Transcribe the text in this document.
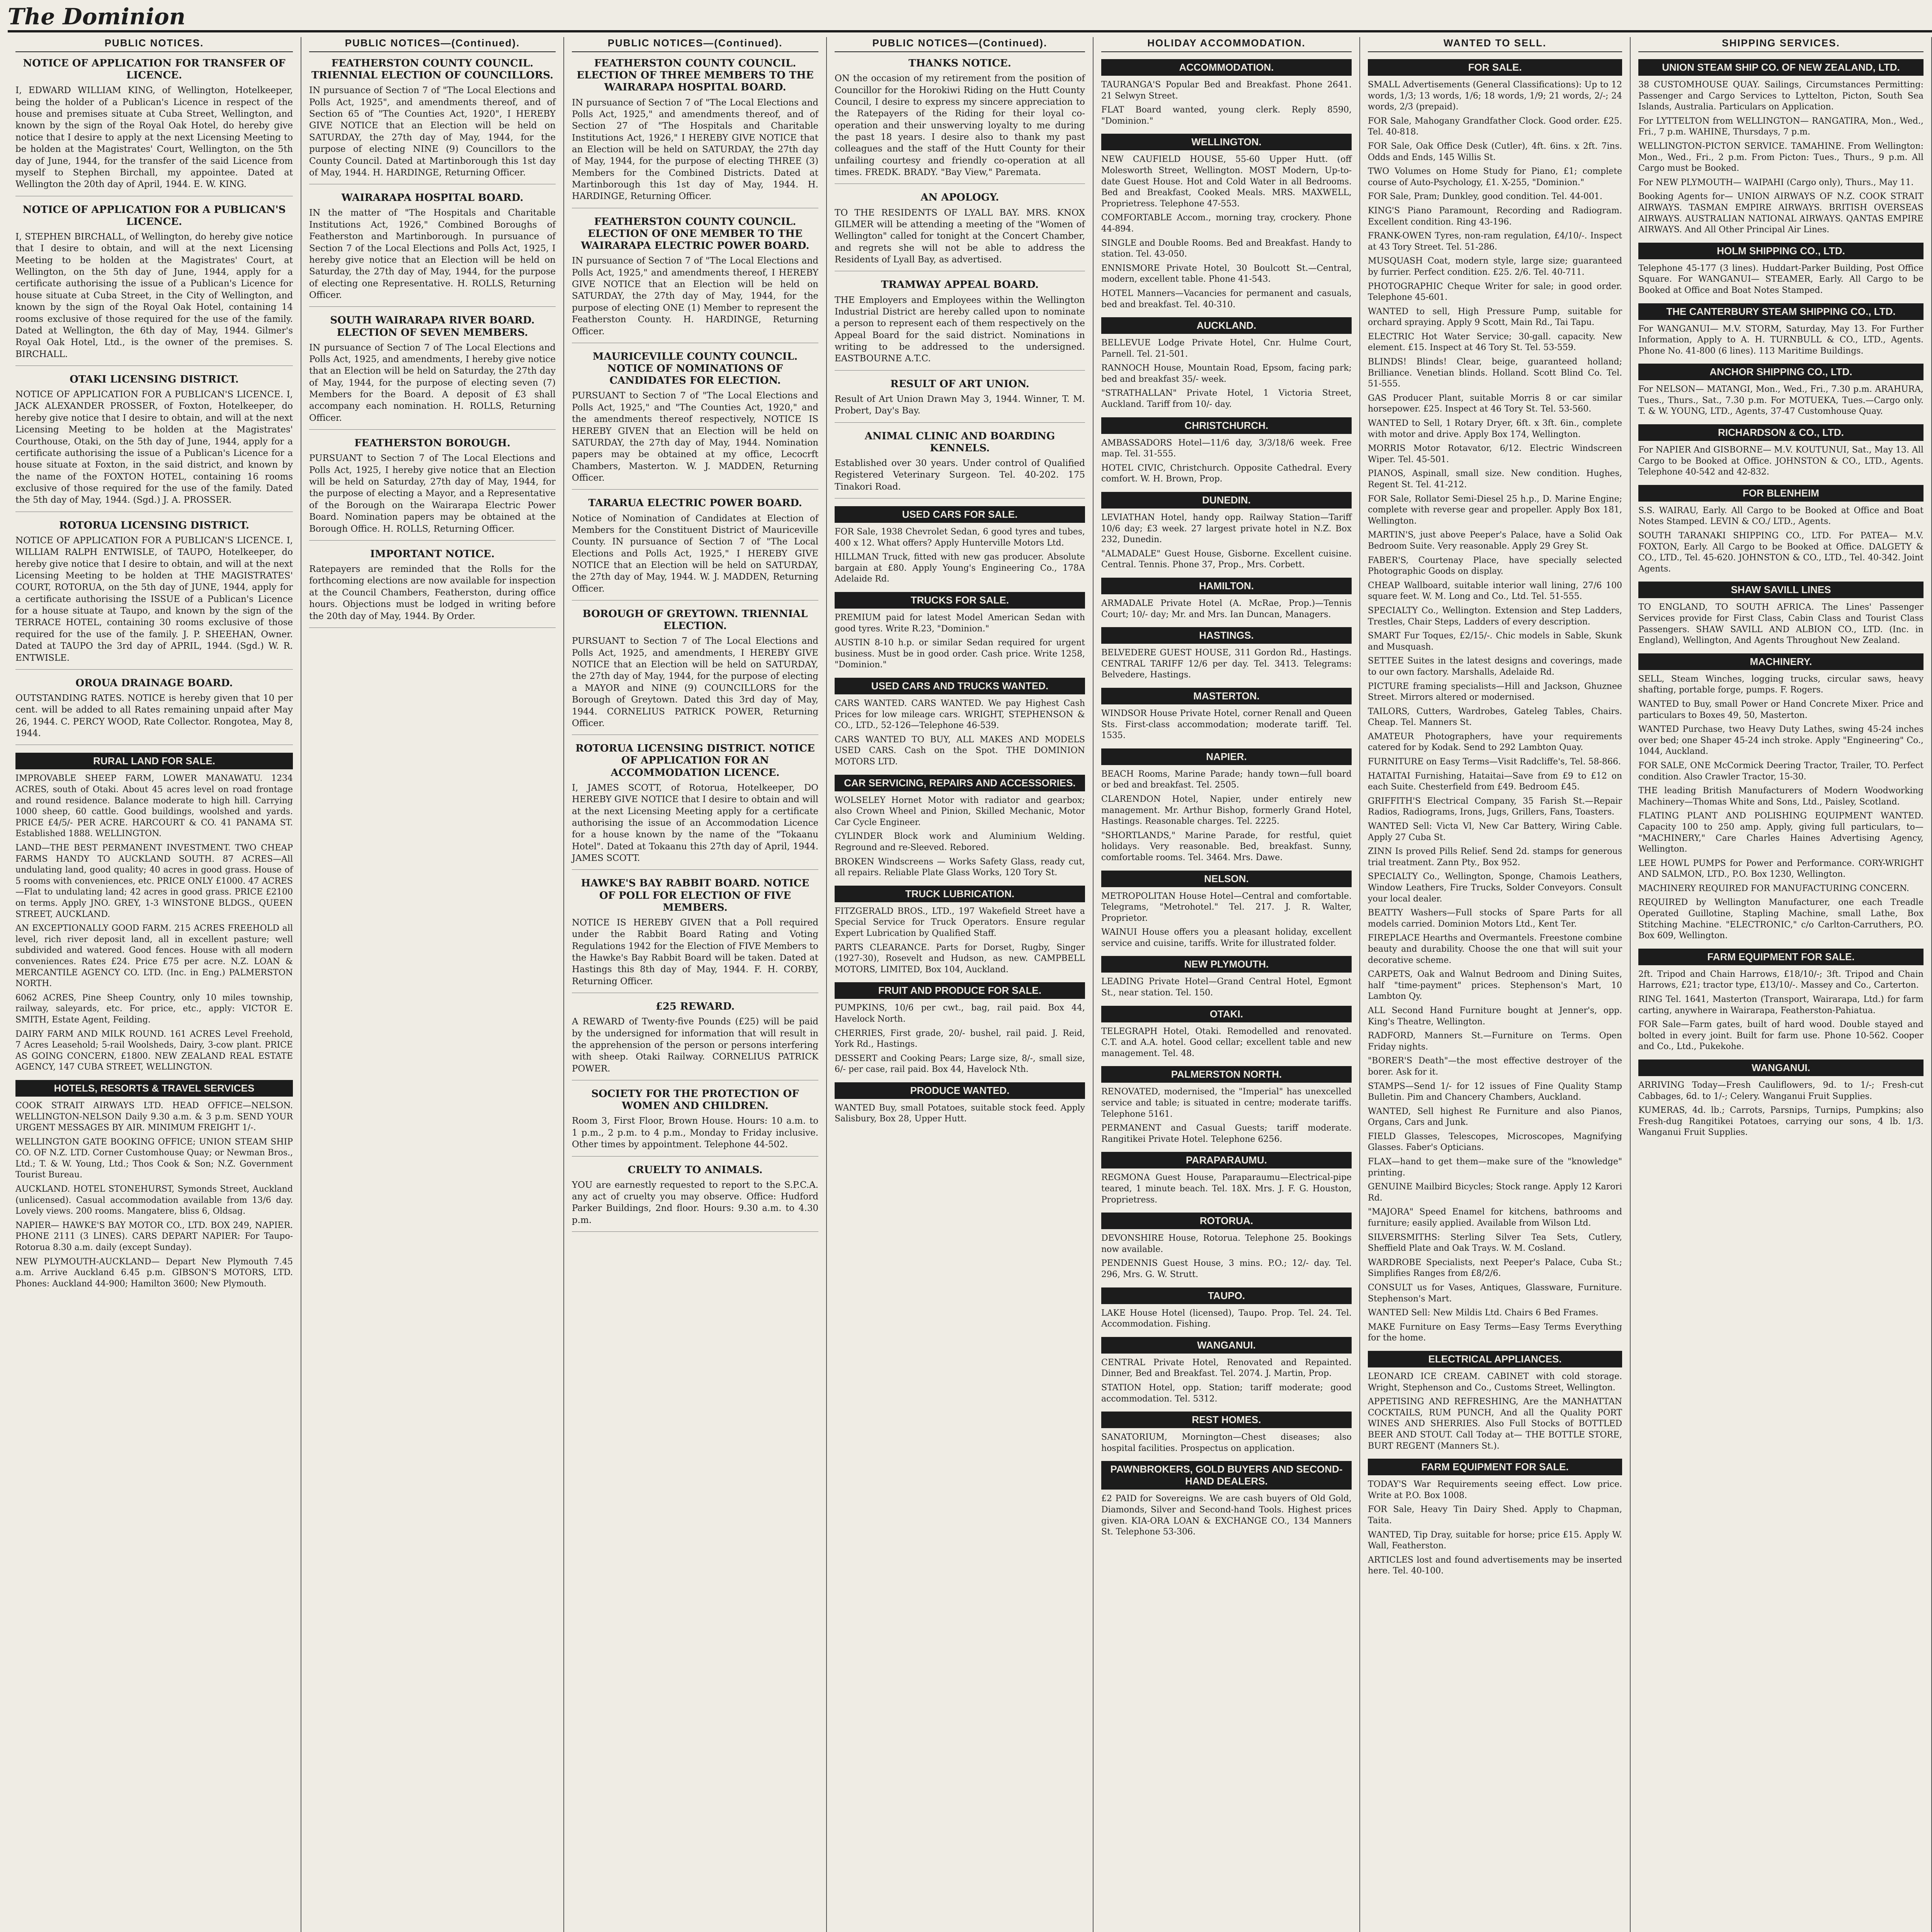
The Dominion

PUBLIC NOTICES.
NOTICE OF APPLICATION FOR TRANSFER OF LICENCE.

I, EDWARD WILLIAM KING, of Wellington, Hotelkeeper, being the holder of a Publican's Licence in respect of the house and premises situate at Cuba Street, Wellington, and known by the sign of the Royal Oak Hotel, do hereby give notice that I desire to apply at the next Licensing Meeting to be holden at the Magistrates' Court, Wellington, on the 5th day of June, 1944, for the transfer of the said Licence from myself to Stephen Birchall, my appointee. Dated at Wellington the 20th day of April, 1944. E. W. KING.

NOTICE OF APPLICATION FOR A PUBLICAN'S LICENCE.

I, STEPHEN BIRCHALL, of Wellington, do hereby give notice that I desire to obtain, and will at the next Licensing Meeting to be holden at the Magistrates' Court, at Wellington, on the 5th day of June, 1944, apply for a certificate authorising the issue of a Publican's Licence for house situate at Cuba Street, in the City of Wellington, and known by the sign of the Royal Oak Hotel, containing 14 rooms exclusive of those required for the use of the family. Dated at Wellington, the 6th day of May, 1944. Gilmer's Royal Oak Hotel, Ltd., is the owner of the premises. S. BIRCHALL.

OTAKI LICENSING DISTRICT.

NOTICE OF APPLICATION FOR A PUBLICAN'S LICENCE. I, JACK ALEXANDER PROSSER, of Foxton, Hotelkeeper, do hereby give notice that I desire to obtain, and will at the next Licensing Meeting to be holden at the Magistrates' Courthouse, Otaki, on the 5th day of June, 1944, apply for a certificate authorising the issue of a Publican's Licence for a house situate at Foxton, in the said district, and known by the name of the FOXTON HOTEL, containing 16 rooms exclusive of those required for the use of the family. Dated the 5th day of May, 1944. (Sgd.) J. A. PROSSER.

ROTORUA LICENSING DISTRICT.

NOTICE OF APPLICATION FOR A PUBLICAN'S LICENCE. I, WILLIAM RALPH ENTWISLE, of TAUPO, Hotelkeeper, do hereby give notice that I desire to obtain, and will at the next Licensing Meeting to be holden at THE MAGISTRATES' COURT, ROTORUA, on the 5th day of JUNE, 1944, apply for a certificate authorising the ISSUE of a Publican's Licence for a house situate at Taupo, and known by the sign of the TERRACE HOTEL, containing 30 rooms exclusive of those required for the use of the family. J. P. SHEEHAN, Owner. Dated at TAUPO the 3rd day of APRIL, 1944. (Sgd.) W. R. ENTWISLE.

OROUA DRAINAGE BOARD.

OUTSTANDING RATES. NOTICE is hereby given that 10 per cent. will be added to all Rates remaining unpaid after May 26, 1944. C. PERCY WOOD, Rate Collector. Rongotea, May 8, 1944.

RURAL LAND FOR SALE.

IMPROVABLE SHEEP FARM, LOWER MANAWATU. 1234 ACRES, south of Otaki. About 45 acres level on road frontage and round residence. Balance moderate to high hill. Carrying 1000 sheep, 60 cattle. Good buildings, woolshed and yards. PRICE £4/5/- PER ACRE. HARCOURT & CO. 41 PANAMA ST. Established 1888. WELLINGTON.

LAND—THE BEST PERMANENT INVESTMENT. TWO CHEAP FARMS HANDY TO AUCKLAND SOUTH. 87 ACRES—All undulating land, good quality; 40 acres in good grass. House of 5 rooms with conveniences, etc. PRICE ONLY £1000. 47 ACRES—Flat to undulating land; 42 acres in good grass. PRICE £2100 on terms. Apply JNO. GREY, 1-3 WINSTONE BLDGS., QUEEN STREET, AUCKLAND.

AN EXCEPTIONALLY GOOD FARM. 215 ACRES FREEHOLD all level, rich river deposit land, all in excellent pasture; well subdivided and watered. Good fences. House with all modern conveniences. Rates £24. Price £75 per acre. N.Z. LOAN & MERCANTILE AGENCY CO. LTD. (Inc. in Eng.) PALMERSTON NORTH.

6062 ACRES, Pine Sheep Country, only 10 miles township, railway, saleyards, etc. For price, etc., apply: VICTOR E. SMITH, Estate Agent, Feilding.

DAIRY FARM AND MILK ROUND. 161 ACRES Level Freehold, 7 Acres Leasehold; 5-rail Woolsheds, Dairy, 3-cow plant. PRICE AS GOING CONCERN, £1800. NEW ZEALAND REAL ESTATE AGENCY, 147 CUBA STREET, WELLINGTON.

HOTELS, RESORTS & TRAVEL SERVICES

COOK STRAIT AIRWAYS LTD. HEAD OFFICE—NELSON. WELLINGTON-NELSON Daily 9.30 a.m. & 3 p.m. SEND YOUR URGENT MESSAGES BY AIR. MINIMUM FREIGHT 1/-.

WELLINGTON GATE BOOKING OFFICE; UNION STEAM SHIP CO. OF N.Z. LTD. Corner Customhouse Quay; or Newman Bros., Ltd.; T. & W. Young, Ltd.; Thos Cook & Son; N.Z. Government Tourist Bureau.

AUCKLAND. HOTEL STONEHURST, Symonds Street, Auckland (unlicensed). Casual accommodation available from 13/6 day. Lovely views. 200 rooms. Mangatere, bliss 6, Oldsag.

NAPIER— HAWKE'S BAY MOTOR CO., LTD. BOX 249, NAPIER. PHONE 2111 (3 LINES). CARS DEPART NAPIER: For Taupo-Rotorua 8.30 a.m. daily (except Sunday).

NEW PLYMOUTH-AUCKLAND— Depart New Plymouth 7.45 a.m. Arrive Auckland 6.45 p.m. GIBSON'S MOTORS, LTD. Phones: Auckland 44-900; Hamilton 3600; New Plymouth.

PUBLIC NOTICES—(Continued).
FEATHERSTON COUNTY COUNCIL. TRIENNIAL ELECTION OF COUNCILLORS.

IN pursuance of Section 7 of "The Local Elections and Polls Act, 1925", and amendments thereof, and of Section 65 of "The Counties Act, 1920", I HEREBY GIVE NOTICE that an Election will be held on SATURDAY, the 27th day of May, 1944, for the purpose of electing NINE (9) Councillors to the County Council. Dated at Martinborough this 1st day of May, 1944. H. HARDINGE, Returning Officer.

WAIRARAPA HOSPITAL BOARD.

IN the matter of "The Hospitals and Charitable Institutions Act, 1926," Combined Boroughs of Featherston and Martinborough. In pursuance of Section 7 of the Local Elections and Polls Act, 1925, I hereby give notice that an Election will be held on Saturday, the 27th day of May, 1944, for the purpose of electing one Representative. H. ROLLS, Returning Officer.

SOUTH WAIRARAPA RIVER BOARD. ELECTION OF SEVEN MEMBERS.

IN pursuance of Section 7 of The Local Elections and Polls Act, 1925, and amendments, I hereby give notice that an Election will be held on Saturday, the 27th day of May, 1944, for the purpose of electing seven (7) Members for the Board. A deposit of £3 shall accompany each nomination. H. ROLLS, Returning Officer.

FEATHERSTON BOROUGH.

PURSUANT to Section 7 of The Local Elections and Polls Act, 1925, I hereby give notice that an Election will be held on Saturday, 27th day of May, 1944, for the purpose of electing a Mayor, and a Representative of the Borough on the Wairarapa Electric Power Board. Nomination papers may be obtained at the Borough Office. H. ROLLS, Returning Officer.

IMPORTANT NOTICE.

Ratepayers are reminded that the Rolls for the forthcoming elections are now available for inspection at the Council Chambers, Featherston, during office hours. Objections must be lodged in writing before the 20th day of May, 1944. By Order.

PUBLIC NOTICES—(Continued).
FEATHERSTON COUNTY COUNCIL. ELECTION OF THREE MEMBERS TO THE WAIRARAPA HOSPITAL BOARD.

IN pursuance of Section 7 of "The Local Elections and Polls Act, 1925," and amendments thereof, and of Section 27 of "The Hospitals and Charitable Institutions Act, 1926," I HEREBY GIVE NOTICE that an Election will be held on SATURDAY, the 27th day of May, 1944, for the purpose of electing THREE (3) Members for the Combined Districts. Dated at Martinborough this 1st day of May, 1944. H. HARDINGE, Returning Officer.

FEATHERSTON COUNTY COUNCIL. ELECTION OF ONE MEMBER TO THE WAIRARAPA ELECTRIC POWER BOARD.

IN pursuance of Section 7 of "The Local Elections and Polls Act, 1925," and amendments thereof, I HEREBY GIVE NOTICE that an Election will be held on SATURDAY, the 27th day of May, 1944, for the purpose of electing ONE (1) Member to represent the Featherston County. H. HARDINGE, Returning Officer.

MAURICEVILLE COUNTY COUNCIL. NOTICE OF NOMINATIONS OF CANDIDATES FOR ELECTION.

PURSUANT to Section 7 of "The Local Elections and Polls Act, 1925," and "The Counties Act, 1920," and the amendments thereof respectively, NOTICE IS HEREBY GIVEN that an Election will be held on SATURDAY, the 27th day of May, 1944. Nomination papers may be obtained at my office, Lecocrft Chambers, Masterton. W. J. MADDEN, Returning Officer.

TARARUA ELECTRIC POWER BOARD.

Notice of Nomination of Candidates at Election of Members for the Constituent District of Mauriceville County. IN pursuance of Section 7 of "The Local Elections and Polls Act, 1925," I HEREBY GIVE NOTICE that an Election will be held on SATURDAY, the 27th day of May, 1944. W. J. MADDEN, Returning Officer.

BOROUGH OF GREYTOWN. TRIENNIAL ELECTION.

PURSUANT to Section 7 of The Local Elections and Polls Act, 1925, and amendments, I HEREBY GIVE NOTICE that an Election will be held on SATURDAY, the 27th day of May, 1944, for the purpose of electing a MAYOR and NINE (9) COUNCILLORS for the Borough of Greytown. Dated this 3rd day of May, 1944. CORNELIUS PATRICK POWER, Returning Officer.

ROTORUA LICENSING DISTRICT. NOTICE OF APPLICATION FOR AN ACCOMMODATION LICENCE.

I, JAMES SCOTT, of Rotorua, Hotelkeeper, DO HEREBY GIVE NOTICE that I desire to obtain and will at the next Licensing Meeting apply for a certificate authorising the issue of an Accommodation Licence for a house known by the name of the "Tokaanu Hotel". Dated at Tokaanu this 27th day of April, 1944. JAMES SCOTT.

HAWKE'S BAY RABBIT BOARD. NOTICE OF POLL FOR ELECTION OF FIVE MEMBERS.

NOTICE IS HEREBY GIVEN that a Poll required under the Rabbit Board Rating and Voting Regulations 1942 for the Election of FIVE Members to the Hawke's Bay Rabbit Board will be taken. Dated at Hastings this 8th day of May, 1944. F. H. CORBY, Returning Officer.

£25 REWARD.

A REWARD of Twenty-five Pounds (£25) will be paid by the undersigned for information that will result in the apprehension of the person or persons interfering with sheep. Otaki Railway. CORNELIUS PATRICK POWER.

SOCIETY FOR THE PROTECTION OF WOMEN AND CHILDREN.

Room 3, First Floor, Brown House. Hours: 10 a.m. to 1 p.m., 2 p.m. to 4 p.m., Monday to Friday inclusive. Other times by appointment. Telephone 44-502.

CRUELTY TO ANIMALS.

YOU are earnestly requested to report to the S.P.C.A. any act of cruelty you may observe. Office: Hudford Parker Buildings, 2nd floor. Hours: 9.30 a.m. to 4.30 p.m.

PUBLIC NOTICES—(Continued).
THANKS NOTICE.

ON the occasion of my retirement from the position of Councillor for the Horokiwi Riding on the Hutt County Council, I desire to express my sincere appreciation to the Ratepayers of the Riding for their loyal co-operation and their unswerving loyalty to me during the past 18 years. I desire also to thank my past colleagues and the staff of the Hutt County for their unfailing courtesy and friendly co-operation at all times. FREDK. BRADY. "Bay View," Paremata.

AN APOLOGY.

TO THE RESIDENTS OF LYALL BAY. MRS. KNOX GILMER will be attending a meeting of the "Women of Wellington" called for tonight at the Concert Chamber, and regrets she will not be able to address the Residents of Lyall Bay, as advertised.

TRAMWAY APPEAL BOARD.

THE Employers and Employees within the Wellington Industrial District are hereby called upon to nominate a person to represent each of them respectively on the Appeal Board for the said district. Nominations in writing to be addressed to the undersigned. EASTBOURNE A.T.C.

RESULT OF ART UNION.

Result of Art Union Drawn May 3, 1944. Winner, T. M. Probert, Day's Bay.

ANIMAL CLINIC AND BOARDING KENNELS.

Established over 30 years. Under control of Qualified Registered Veterinary Surgeon. Tel. 40-202. 175 Tinakori Road.

USED CARS FOR SALE.

FOR Sale, 1938 Chevrolet Sedan, 6 good tyres and tubes, 400 x 12. What offers? Apply Hunterville Motors Ltd.

HILLMAN Truck, fitted with new gas producer. Absolute bargain at £80. Apply Young's Engineering Co., 178A Adelaide Rd.

TRUCKS FOR SALE.

PREMIUM paid for latest Model American Sedan with good tyres. Write R.23, "Dominion."

AUSTIN 8-10 h.p. or similar Sedan required for urgent business. Must be in good order. Cash price. Write 1258, "Dominion."

USED CARS AND TRUCKS WANTED.

CARS WANTED. CARS WANTED. We pay Highest Cash Prices for low mileage cars. WRIGHT, STEPHENSON & CO., LTD., 52-126—Telephone 46-539.

CARS WANTED TO BUY, ALL MAKES AND MODELS USED CARS. Cash on the Spot. THE DOMINION MOTORS LTD.

CAR SERVICING, REPAIRS AND ACCESSORIES.

WOLSELEY Hornet Motor with radiator and gearbox; also Crown Wheel and Pinion, Skilled Mechanic, Motor Car Cycle Engineer.

CYLINDER Block work and Aluminium Welding. Reground and re-Sleeved. Rebored.

BROKEN Windscreens — Works Safety Glass, ready cut, all repairs. Reliable Plate Glass Works, 120 Tory St.

TRUCK LUBRICATION.

FITZGERALD BROS., LTD., 197 Wakefield Street have a Special Service for Truck Operators. Ensure regular Expert Lubrication by Qualified Staff.

PARTS CLEARANCE. Parts for Dorset, Rugby, Singer (1927-30), Rosevelt and Hudson, as new. CAMPBELL MOTORS, LIMITED, Box 104, Auckland.

FRUIT AND PRODUCE FOR SALE.

PUMPKINS, 10/6 per cwt., bag, rail paid. Box 44, Havelock North.

CHERRIES, First grade, 20/- bushel, rail paid. J. Reid, York Rd., Hastings.

DESSERT and Cooking Pears; Large size, 8/-, small size, 6/- per case, rail paid. Box 44, Havelock Nth.

PRODUCE WANTED.

WANTED Buy, small Potatoes, suitable stock feed. Apply Salisbury, Box 28, Upper Hutt.

HOLIDAY ACCOMMODATION.
ACCOMMODATION.

TAURANGA'S Popular Bed and Breakfast. Phone 2641. 21 Selwyn Street.

FLAT Board wanted, young clerk. Reply 8590, "Dominion."

WELLINGTON.

NEW CAUFIELD HOUSE, 55-60 Upper Hutt. (off Molesworth Street, Wellington. MOST Modern, Up-to-date Guest House. Hot and Cold Water in all Bedrooms. Bed and Breakfast, Cooked Meals. MRS. MAXWELL, Proprietress. Telephone 47-553.

COMFORTABLE Accom., morning tray, crockery. Phone 44-894.

SINGLE and Double Rooms. Bed and Breakfast. Handy to station. Tel. 43-050.

ENNISMORE Private Hotel, 30 Boulcott St.—Central, modern, excellent table. Phone 41-543.

HOTEL Manners—Vacancies for permanent and casuals, bed and breakfast. Tel. 40-310.

AUCKLAND.

BELLEVUE Lodge Private Hotel, Cnr. Hulme Court, Parnell. Tel. 21-501.

RANNOCH House, Mountain Road, Epsom, facing park; bed and breakfast 35/- week.

"STRATHALLAN" Private Hotel, 1 Victoria Street, Auckland. Tariff from 10/- day.

CHRISTCHURCH.

AMBASSADORS Hotel—11/6 day, 3/3/18/6 week. Free map. Tel. 31-555.

HOTEL CIVIC, Christchurch. Opposite Cathedral. Every comfort. W. H. Brown, Prop.

DUNEDIN.

LEVIATHAN Hotel, handy opp. Railway Station—Tariff 10/6 day; £3 week. 27 largest private hotel in N.Z. Box 232, Dunedin.

"ALMADALE" Guest House, Gisborne. Excellent cuisine. Central. Tennis. Phone 37, Prop., Mrs. Corbett.

HAMILTON.

ARMADALE Private Hotel (A. McRae, Prop.)—Tennis Court; 10/- day; Mr. and Mrs. Ian Duncan, Managers.

HASTINGS.

BELVEDERE GUEST HOUSE, 311 Gordon Rd., Hastings. CENTRAL TARIFF 12/6 per day. Tel. 3413. Telegrams: Belvedere, Hastings.

MASTERTON.

WINDSOR House Private Hotel, corner Renall and Queen Sts. First-class accommodation; moderate tariff. Tel. 1535.

NAPIER.

BEACH Rooms, Marine Parade; handy town—full board or bed and breakfast. Tel. 2505.

CLARENDON Hotel, Napier, under entirely new management. Mr. Arthur Bishop, formerly Grand Hotel, Hastings. Reasonable charges. Tel. 2225.

"SHORTLANDS," Marine Parade, for restful, quiet holidays. Very reasonable. Bed, breakfast. Sunny, comfortable rooms. Tel. 3464. Mrs. Dawe.

NELSON.

METROPOLITAN House Hotel—Central and comfortable. Telegrams, "Metrohotel." Tel. 217. J. R. Walter, Proprietor.

WAINUI House offers you a pleasant holiday, excellent service and cuisine, tariffs. Write for illustrated folder.

NEW PLYMOUTH.

LEADING Private Hotel—Grand Central Hotel, Egmont St., near station. Tel. 150.

OTAKI.

TELEGRAPH Hotel, Otaki. Remodelled and renovated. C.T. and A.A. hotel. Good cellar; excellent table and new management. Tel. 48.

PALMERSTON NORTH.

RENOVATED, modernised, the "Imperial" has unexcelled service and table; is situated in centre; moderate tariffs. Telephone 5161.

PERMANENT and Casual Guests; tariff moderate. Rangitikei Private Hotel. Telephone 6256.

PARAPARAUMU.

REGMONA Guest House, Paraparaumu—Electrical-pipe teared, 1 minute beach. Tel. 18X. Mrs. J. F. G. Houston, Proprietress.

ROTORUA.

DEVONSHIRE House, Rotorua. Telephone 25. Bookings now available.

PENDENNIS Guest House, 3 mins. P.O.; 12/- day. Tel. 296, Mrs. G. W. Strutt.

TAUPO.

LAKE House Hotel (licensed), Taupo. Prop. Tel. 24. Tel. Accommodation. Fishing.

WANGANUI.

CENTRAL Private Hotel, Renovated and Repainted. Dinner, Bed and Breakfast. Tel. 2074. J. Martin, Prop.

STATION Hotel, opp. Station; tariff moderate; good accommodation. Tel. 5312.

REST HOMES.

SANATORIUM, Mornington—Chest diseases; also hospital facilities. Prospectus on application.

PAWNBROKERS, GOLD BUYERS AND SECOND-HAND DEALERS.

£2 PAID for Sovereigns. We are cash buyers of Old Gold, Diamonds, Silver and Second-hand Tools. Highest prices given. KIA-ORA LOAN & EXCHANGE CO., 134 Manners St. Telephone 53-306.

WANTED TO SELL.
FOR SALE.

SMALL Advertisements (General Classifications): Up to 12 words, 1/3; 13 words, 1/6; 18 words, 1/9; 21 words, 2/-; 24 words, 2/3 (prepaid).

FOR Sale, Mahogany Grandfather Clock. Good order. £25. Tel. 40-818.

FOR Sale, Oak Office Desk (Cutler), 4ft. 6ins. x 2ft. 7ins. Odds and Ends, 145 Willis St.

TWO Volumes on Home Study for Piano, £1; complete course of Auto-Psychology, £1. X-255, "Dominion."

FOR Sale, Pram; Dunkley, good condition. Tel. 44-001.

KING'S Piano Paramount, Recording and Radiogram. Excellent condition. Ring 43-196.

FRANK-OWEN Tyres, non-ram regulation, £4/10/-. Inspect at 43 Tory Street. Tel. 51-286.

MUSQUASH Coat, modern style, large size; guaranteed by furrier. Perfect condition. £25. 2/6. Tel. 40-711.

PHOTOGRAPHIC Cheque Writer for sale; in good order. Telephone 45-601.

WANTED to sell, High Pressure Pump, suitable for orchard spraying. Apply 9 Scott, Main Rd., Tai Tapu.

ELECTRIC Hot Water Service; 30-gall. capacity. New element. £15. Inspect at 46 Tory St. Tel. 53-559.

BLINDS! Blinds! Clear, beige, guaranteed holland; Brilliance. Venetian blinds. Holland. Scott Blind Co. Tel. 51-555.

GAS Producer Plant, suitable Morris 8 or car similar horsepower. £25. Inspect at 46 Tory St. Tel. 53-560.

WANTED to Sell, 1 Rotary Dryer, 6ft. x 3ft. 6in., complete with motor and drive. Apply Box 174, Wellington.

MORRIS Motor Rotavator, 6/12. Electric Windscreen Wiper. Tel. 45-501.

PIANOS, Aspinall, small size. New condition. Hughes, Regent St. Tel. 41-212.

FOR Sale, Rollator Semi-Diesel 25 h.p., D. Marine Engine; complete with reverse gear and propeller. Apply Box 181, Wellington.

MARTIN'S, just above Peeper's Palace, have a Solid Oak Bedroom Suite. Very reasonable. Apply 29 Grey St.

FABER'S, Courtenay Place, have specially selected Photographic Goods on display.

CHEAP Wallboard, suitable interior wall lining, 27/6 100 square feet. W. M. Long and Co., Ltd. Tel. 51-555.

SPECIALTY Co., Wellington. Extension and Step Ladders, Trestles, Chair Steps, Ladders of every description.

SMART Fur Toques, £2/15/-. Chic models in Sable, Skunk and Musquash.

SETTEE Suites in the latest designs and coverings, made to our own factory. Marshalls, Adelaide Rd.

PICTURE framing specialists—Hill and Jackson, Ghuznee Street. Mirrors altered or modernised.

TAILORS, Cutters, Wardrobes, Gateleg Tables, Chairs. Cheap. Tel. Manners St.

AMATEUR Photographers, have your requirements catered for by Kodak. Send to 292 Lambton Quay.

FURNITURE on Easy Terms—Visit Radcliffe's, Tel. 58-866.

HATAITAI Furnishing, Hataitai—Save from £9 to £12 on each Suite. Chesterfield from £49. Bedroom £45.

GRIFFITH'S Electrical Company, 35 Farish St.—Repair Radios, Radiograms, Irons, Jugs, Grillers, Fans, Toasters.

WANTED Sell: Victa Vl, New Car Battery, Wiring Cable. Apply 27 Cuba St.

ZINN Is proved Pills Relief. Send 2d. stamps for generous trial treatment. Zann Pty., Box 952.

SPECIALTY Co., Wellington, Sponge, Chamois Leathers, Window Leathers, Fire Trucks, Solder Conveyors. Consult your local dealer.

BEATTY Washers—Full stocks of Spare Parts for all models carried. Dominion Motors Ltd., Kent Ter.

FIREPLACE Hearths and Overmantels. Freestone combine beauty and durability. Choose the one that will suit your decorative scheme.

CARPETS, Oak and Walnut Bedroom and Dining Suites, half "time-payment" prices. Stephenson's Mart, 10 Lambton Qy.

ALL Second Hand Furniture bought at Jenner's, opp. King's Theatre, Wellington.

RADFORD, Manners St.—Furniture on Terms. Open Friday nights.

"BORER'S Death"—the most effective destroyer of the borer. Ask for it.

STAMPS—Send 1/- for 12 issues of Fine Quality Stamp Bulletin. Pim and Chancery Chambers, Auckland.

WANTED, Sell highest Re Furniture and also Pianos, Organs, Cars and Junk.

FIELD Glasses, Telescopes, Microscopes, Magnifying Glasses. Faber's Opticians.

FLAX—hand to get them—make sure of the "knowledge" printing.

GENUINE Mailbird Bicycles; Stock range. Apply 12 Karori Rd.

"MAJORA" Speed Enamel for kitchens, bathrooms and furniture; easily applied. Available from Wilson Ltd.

SILVERSMITHS: Sterling Silver Tea Sets, Cutlery, Sheffield Plate and Oak Trays. W. M. Cosland.

WARDROBE Specialists, next Peeper's Palace, Cuba St.; Simplifies Ranges from £8/2/6.

CONSULT us for Vases, Antiques, Glassware, Furniture. Stephenson's Mart.

WANTED Sell: New Mildis Ltd. Chairs 6 Bed Frames.

MAKE Furniture on Easy Terms—Easy Terms Everything for the home.

ELECTRICAL APPLIANCES.

LEONARD ICE CREAM. CABINET with cold storage. Wright, Stephenson and Co., Customs Street, Wellington.

APPETISING AND REFRESHING, Are the MANHATTAN COCKTAILS, RUM PUNCH, And all the Quality PORT WINES AND SHERRIES. Also Full Stocks of BOTTLED BEER AND STOUT. Call Today at— THE BOTTLE STORE, BURT REGENT (Manners St.).

FARM EQUIPMENT FOR SALE.

TODAY'S War Requirements seeing effect. Low price. Write at P.O. Box 1008.

FOR Sale, Heavy Tin Dairy Shed. Apply to Chapman, Taita.

WANTED, Tip Dray, suitable for horse; price £15. Apply W. Wall, Featherston.

ARTICLES lost and found advertisements may be inserted here. Tel. 40-100.

SHIPPING SERVICES.
UNION STEAM SHIP CO. OF NEW ZEALAND, LTD.

38 CUSTOMHOUSE QUAY. Sailings, Circumstances Permitting: Passenger and Cargo Services to Lyttelton, Picton, South Sea Islands, Australia. Particulars on Application.

For LYTTELTON from WELLINGTON— RANGATIRA, Mon., Wed., Fri., 7 p.m. WAHINE, Thursdays, 7 p.m.

WELLINGTON-PICTON SERVICE. TAMAHINE. From Wellington: Mon., Wed., Fri., 2 p.m. From Picton: Tues., Thurs., 9 p.m. All Cargo must be Booked.

For NEW PLYMOUTH— WAIPAHI (Cargo only), Thurs., May 11.

Booking Agents for— UNION AIRWAYS OF N.Z. COOK STRAIT AIRWAYS. TASMAN EMPIRE AIRWAYS. BRITISH OVERSEAS AIRWAYS. AUSTRALIAN NATIONAL AIRWAYS. QANTAS EMPIRE AIRWAYS. And All Other Principal Air Lines.

HOLM SHIPPING CO., LTD.

Telephone 45-177 (3 lines). Huddart-Parker Building, Post Office Square. For WANGANUI— STEAMER, Early. All Cargo to be Booked at Office and Boat Notes Stamped.

THE CANTERBURY STEAM SHIPPING CO., LTD.

For WANGANUI— M.V. STORM, Saturday, May 13. For Further Information, Apply to A. H. TURNBULL & CO., LTD., Agents. Phone No. 41-800 (6 lines). 113 Maritime Buildings.

ANCHOR SHIPPING CO., LTD.

For NELSON— MATANGI, Mon., Wed., Fri., 7.30 p.m. ARAHURA, Tues., Thurs., Sat., 7.30 p.m. For MOTUEKA, Tues.—Cargo only. T. & W. YOUNG, LTD., Agents, 37-47 Customhouse Quay.

RICHARDSON & CO., LTD.

For NAPIER And GISBORNE— M.V. KOUTUNUI, Sat., May 13. All Cargo to be Booked at Office. JOHNSTON & CO., LTD., Agents. Telephone 40-542 and 42-832.

FOR BLENHEIM

S.S. WAIRAU, Early. All Cargo to be Booked at Office and Boat Notes Stamped. LEVIN & CO./ LTD., Agents.

SOUTH TARANAKI SHIPPING CO., LTD. For PATEA— M.V. FOXTON, Early. All Cargo to be Booked at Office. DALGETY & CO., LTD., Tel. 45-620. JOHNSTON & CO., LTD., Tel. 40-342. Joint Agents.

SHAW SAVILL LINES

TO ENGLAND, TO SOUTH AFRICA. The Lines' Passenger Services provide for First Class, Cabin Class and Tourist Class Passengers. SHAW SAVILL AND ALBION CO., LTD. (Inc. in England), Wellington, And Agents Throughout New Zealand.

MACHINERY.

SELL, Steam Winches, logging trucks, circular saws, heavy shafting, portable forge, pumps. F. Rogers.

WANTED to Buy, small Power or Hand Concrete Mixer. Price and particulars to Boxes 49, 50, Masterton.

WANTED Purchase, two Heavy Duty Lathes, swing 45-24 inches over bed; one Shaper 45-24 inch stroke. Apply "Engineering" Co., 1044, Auckland.

FOR SALE, ONE McCormick Deering Tractor, Trailer, TO. Perfect condition. Also Crawler Tractor, 15-30.

THE leading British Manufacturers of Modern Woodworking Machinery—Thomas White and Sons, Ltd., Paisley, Scotland.

FLATING PLANT AND POLISHING EQUIPMENT WANTED. Capacity 100 to 250 amp. Apply, giving full particulars, to— "MACHINERY," Care Charles Haines Advertising Agency, Wellington.

LEE HOWL PUMPS for Power and Performance. CORY-WRIGHT AND SALMON, LTD., P.O. Box 1230, Wellington.

MACHINERY REQUIRED FOR MANUFACTURING CONCERN.

REQUIRED by Wellington Manufacturer, one each Treadle Operated Guillotine, Stapling Machine, small Lathe, Box Stitching Machine. "ELECTRONIC," c/o Carlton-Carruthers, P.O. Box 609, Wellington.

FARM EQUIPMENT FOR SALE.

2ft. Tripod and Chain Harrows, £18/10/-; 3ft. Tripod and Chain Harrows, £21; tractor type, £13/10/-. Massey and Co., Carterton.

RING Tel. 1641, Masterton (Transport, Wairarapa, Ltd.) for farm carting, anywhere in Wairarapa, Featherston-Pahiatua.

FOR Sale—Farm gates, built of hard wood. Double stayed and bolted in every joint. Built for farm use. Phone 10-562. Cooper and Co., Ltd., Pukekohe.

WANGANUI.

ARRIVING Today—Fresh Cauliflowers, 9d. to 1/-; Fresh-cut Cabbages, 6d. to 1/-; Celery. Wanganui Fruit Supplies.

KUMERAS, 4d. lb.; Carrots, Parsnips, Turnips, Pumpkins; also Fresh-dug Rangitikei Potatoes, carrying our sons, 4 lb. 1/3. Wanganui Fruit Supplies.
